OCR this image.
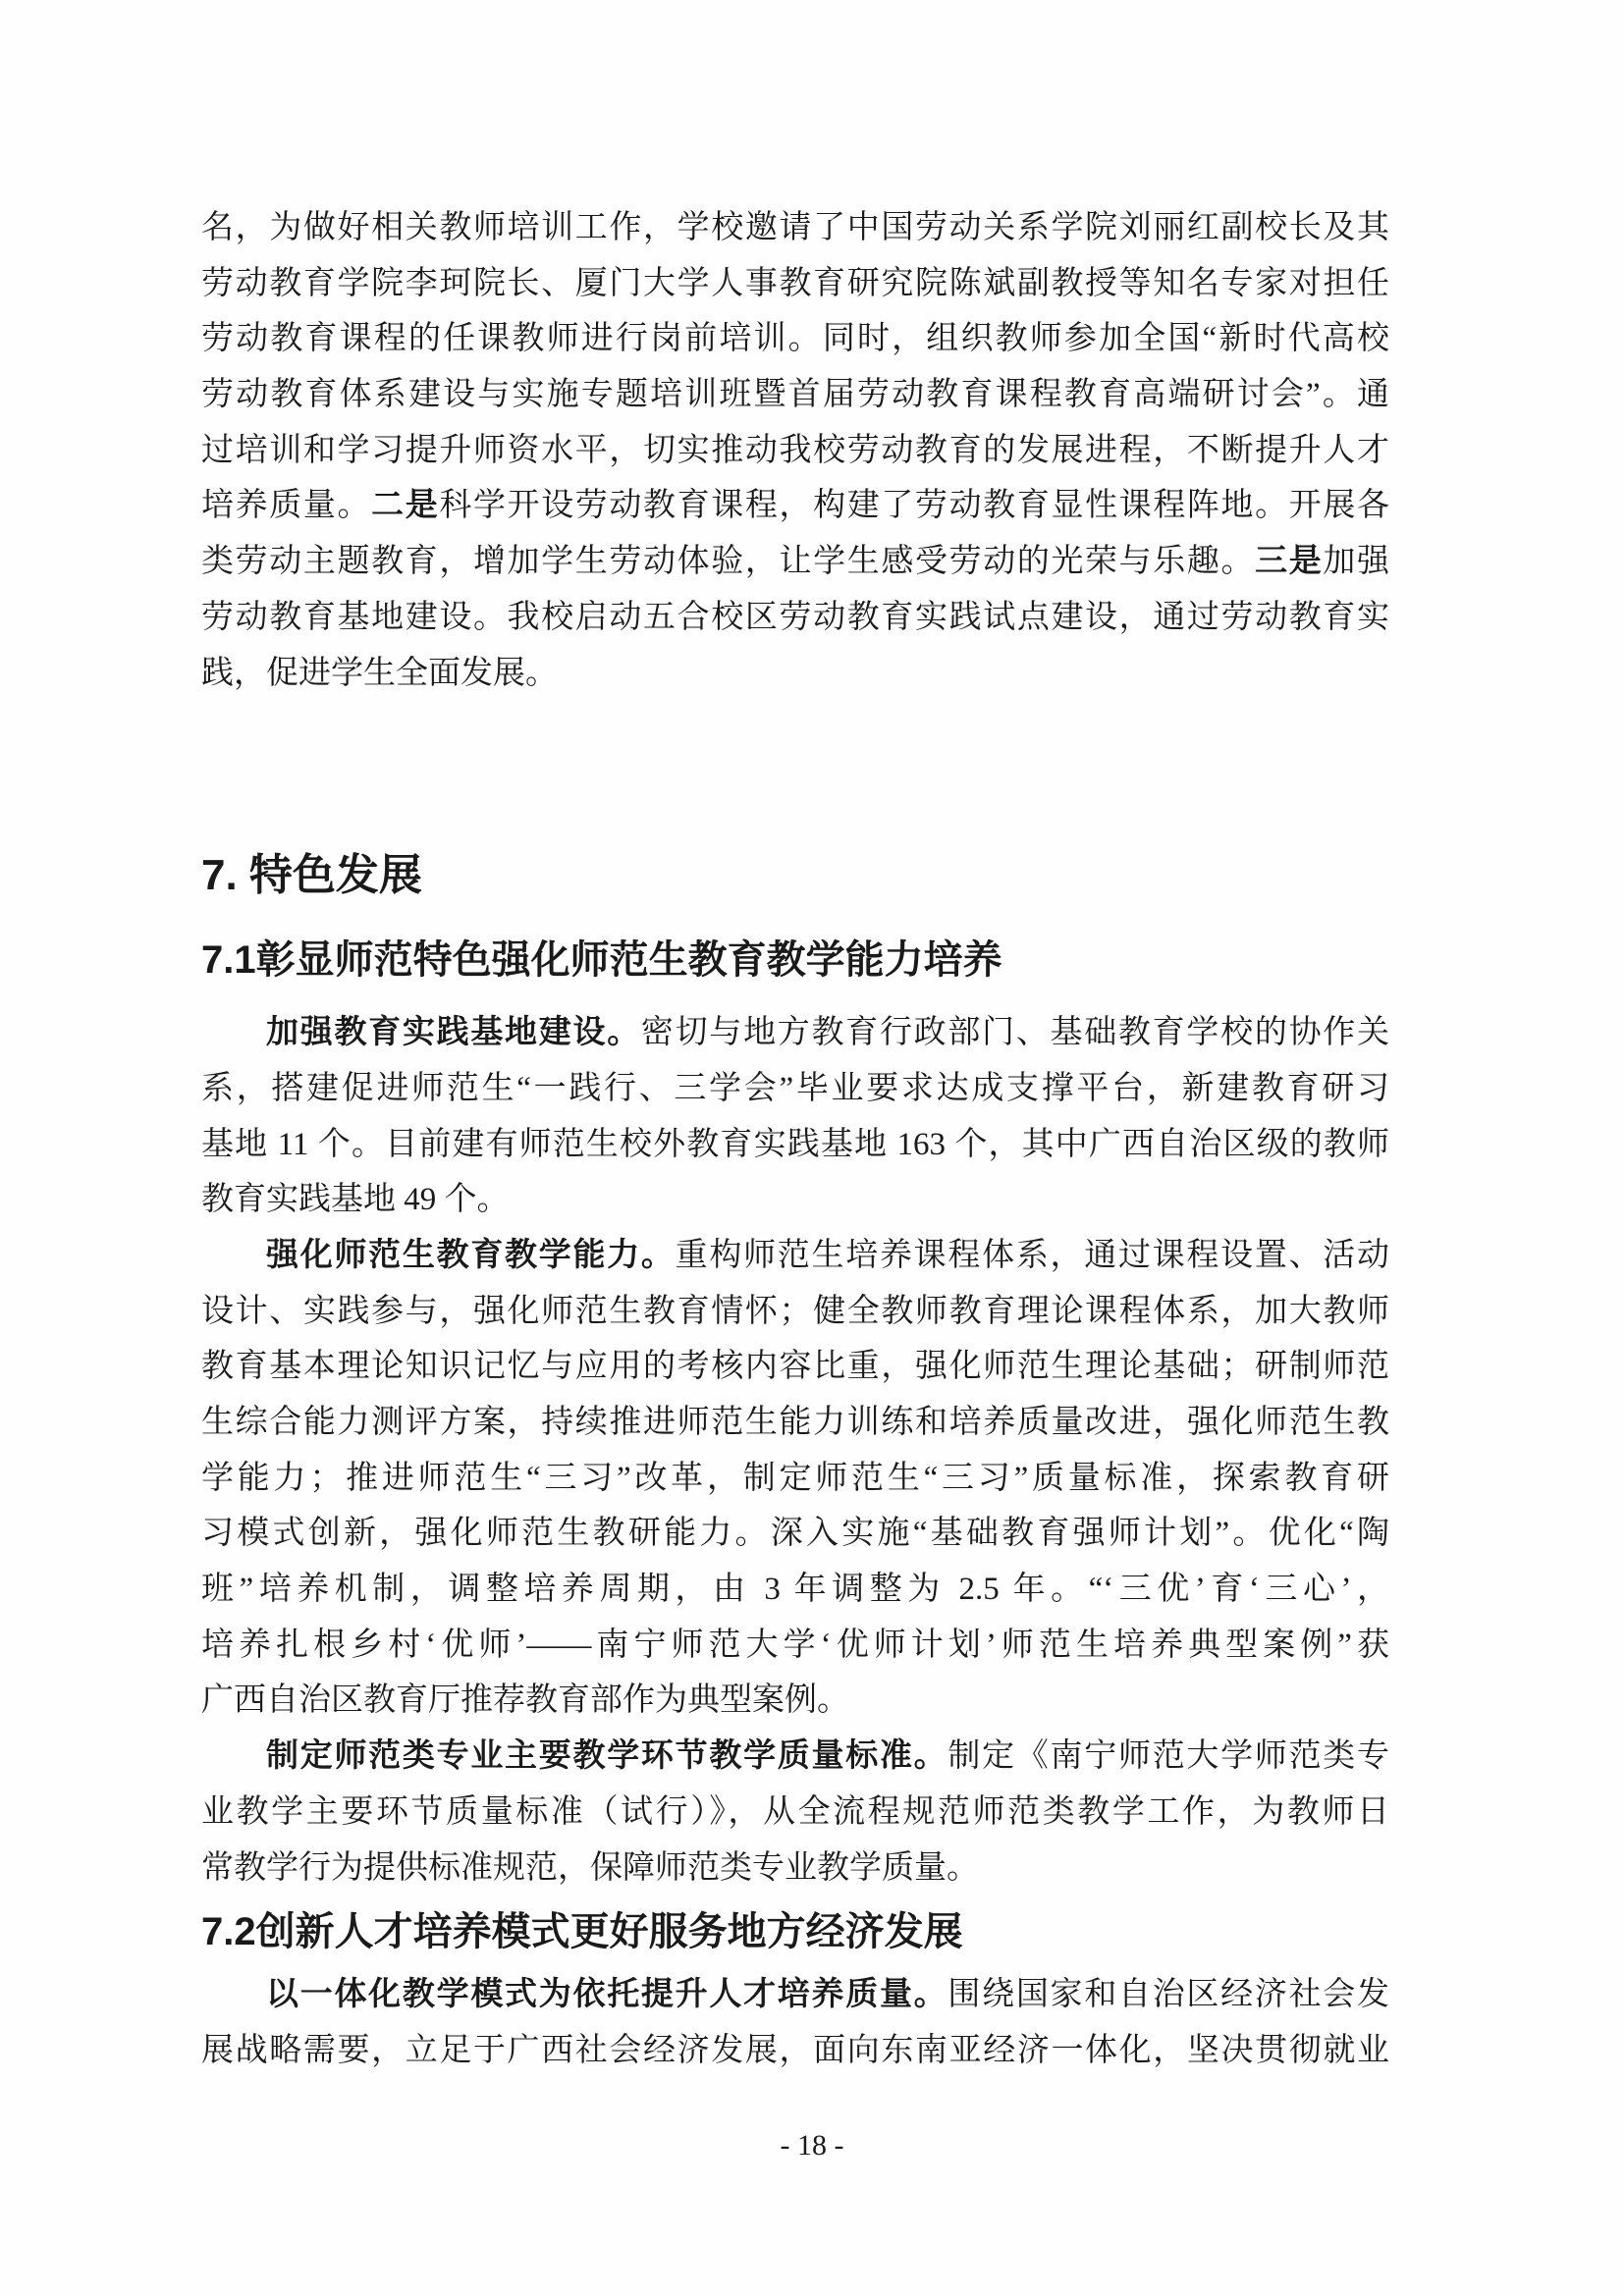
名，为做好相关教师培训工作，学校邀请了中国劳动关系学院刘丽红副校长及其
劳动教育学院李珂院长、厦门大学人事教育研究院陈斌副教授等知名专家对担任
劳动教育课程的任课教师进行岗前培训。同时，组织教师参加全国“新时代高校
劳动教育体系建设与实施专题培训班暨首届劳动教育课程教育高端研讨会”。通
过培训和学习提升师资水平，切实推动我校劳动教育的发展进程，不断提升人才
培养质量。二是科学开设劳动教育课程，构建了劳动教育显性课程阵地。开展各
类劳动主题教育，增加学生劳动体验，让学生感受劳动的光荣与乐趣。三是加强
劳动教育基地建设。我校启动五合校区劳动教育实践试点建设，通过劳动教育实
践，促进学生全面发展。
7. 特色发展
7.1彰显师范特色强化师范生教育教学能力培养
加强教育实践基地建设。密切与地方教育行政部门、基础教育学校的协作关
系，搭建促进师范生“一践行、三学会”毕业要求达成支撑平台，新建教育研习
基地 11 个。目前建有师范生校外教育实践基地 163 个，其中广西自治区级的教师
教育实践基地 49 个。
强化师范生教育教学能力。重构师范生培养课程体系，通过课程设置、活动
设计、实践参与，强化师范生教育情怀；健全教师教育理论课程体系，加大教师
教育基本理论知识记忆与应用的考核内容比重，强化师范生理论基础；研制师范
生综合能力测评方案，持续推进师范生能力训练和培养质量改进，强化师范生教
学能力；推进师范生“三习”改革，制定师范生“三习”质量标准，探索教育研
习模式创新，强化师范生教研能力。深入实施“基础教育强师计划”。优化“陶
班”培养机制，调整培养周期，由 3 年调整为 2.5 年。“‘三优’育‘三心’，
培养扎根乡村‘优师’——南宁师范大学‘优师计划’师范生培养典型案例”获
广西自治区教育厅推荐教育部作为典型案例。
制定师范类专业主要教学环节教学质量标准。制定《南宁师范大学师范类专
业教学主要环节质量标准（试行）》，从全流程规范师范类教学工作，为教师日
常教学行为提供标准规范，保障师范类专业教学质量。
7.2创新人才培养模式更好服务地方经济发展
以一体化教学模式为依托提升人才培养质量。围绕国家和自治区经济社会发
展战略需要，立足于广西社会经济发展，面向东南亚经济一体化，坚决贯彻就业
- 18 -
